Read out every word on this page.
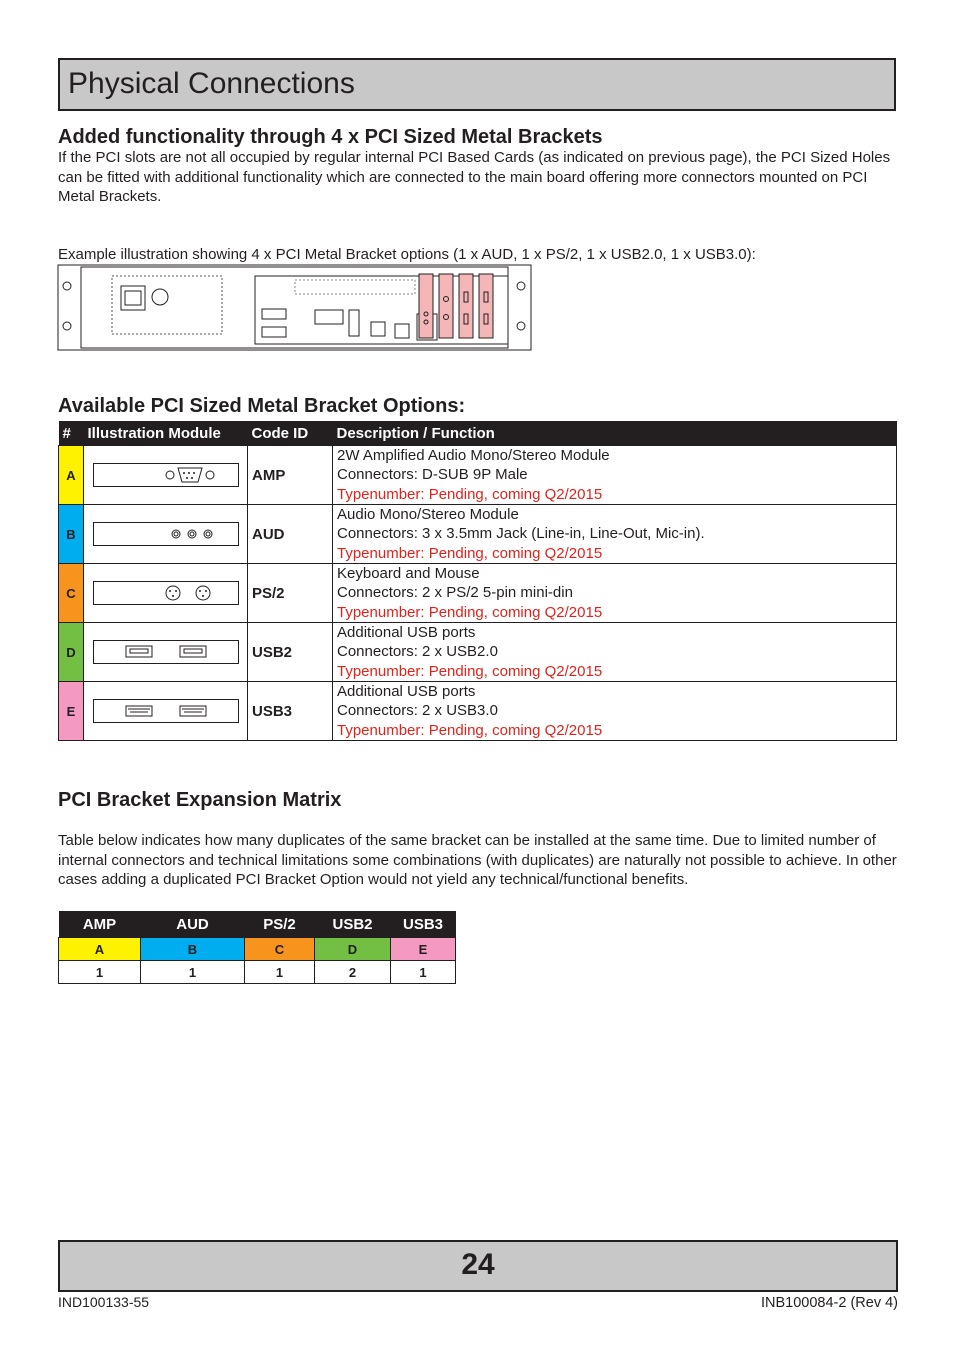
Physical Connections
Added functionality through 4 x PCI Sized Metal Brackets
If the PCI slots are not all occupied by regular internal PCI Based Cards (as indicated on previous page), the PCI Sized Holes can be fitted with additional functionality which are connected to the main board offering more connectors mounted on PCI Metal Brackets.
Example illustration showing 4 x PCI Metal Bracket options (1 x AUD, 1 x PS/2, 1 x USB2.0, 1 x USB3.0):
Available PCI Sized Metal Bracket Options:
#	Illustration Module	Code ID	Description / Function
A		AMP	2W Amplified Audio Mono/Stereo Module
Connectors: D-SUB 9P Male
Typenumber: Pending, coming Q2/2015

B		AUD	Audio Mono/Stereo Module
Connectors: 3 x 3.5mm Jack (Line-in, Line-Out, Mic-in).
Typenumber: Pending, coming Q2/2015

C		PS/2	Keyboard and Mouse
Connectors: 2 x PS/2 5-pin mini-din
Typenumber: Pending, coming Q2/2015

D		USB2	Additional USB ports
Connectors: 2 x USB2.0
Typenumber: Pending, coming Q2/2015

E		USB3	Additional USB ports
Connectors: 2 x USB3.0
Typenumber: Pending, coming Q2/2015
PCI Bracket Expansion Matrix
Table below indicates how many duplicates of the same bracket can be installed at the same time. Due to limited number of internal connectors and technical limitations some combinations (with duplicates) are naturally not possible to achieve. In other cases adding a duplicated PCI Bracket Option would not yield any technical/functional benefits.
AMP	AUD	PS/2	USB2	USB3
A	B	C	D	E
1	1	1	2	1
24
IND100133-55	INB100084-2 (Rev 4)
